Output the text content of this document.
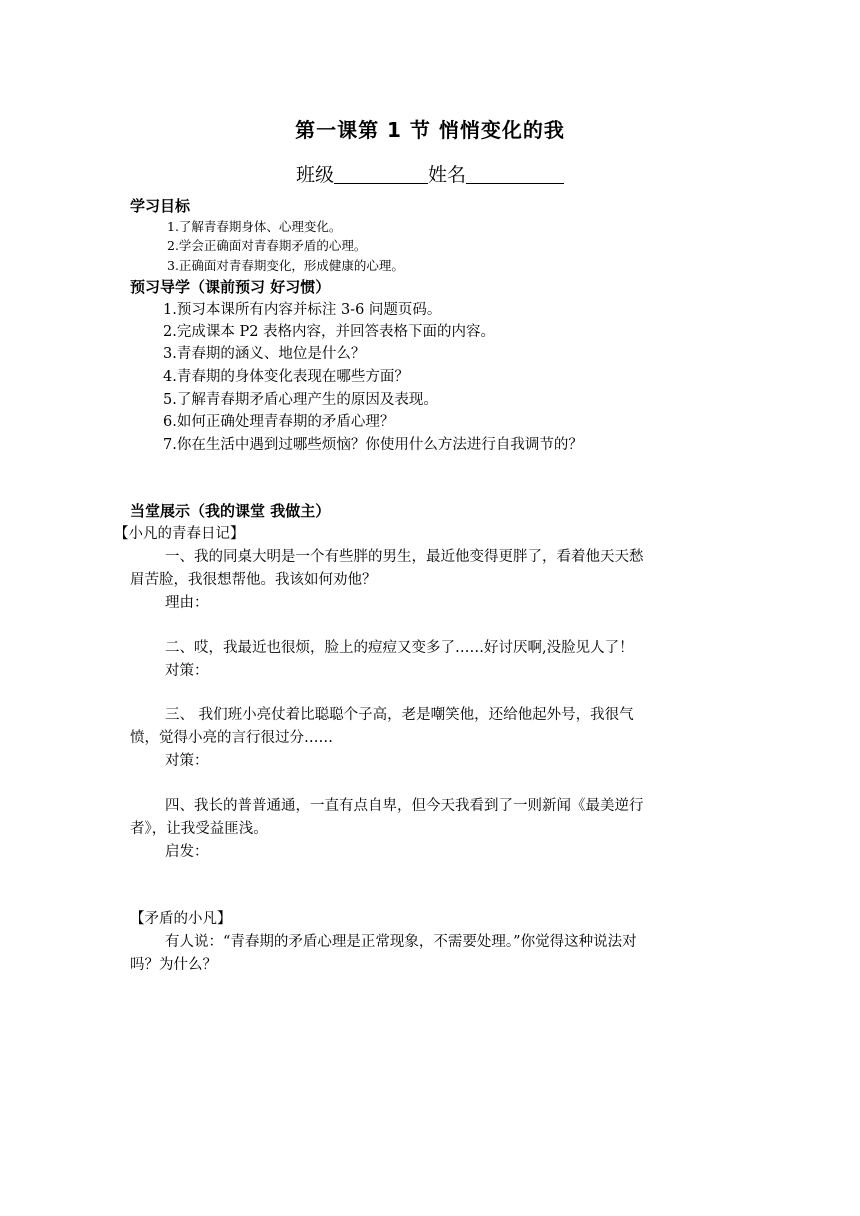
第一课第 1 节 悄悄变化的我
班级	姓名
学习目标
1.了解青春期身体、心理变化。
2.学会正确面对青春期矛盾的心理。
3.正确面对青春期变化，形成健康的心理。
预习导学（课前预习 好习惯）
1.预习本课所有内容并标注 3-6 问题页码。
2.完成课本 P2 表格内容，并回答表格下面的内容。
3.青春期的涵义、地位是什么？
4.青春期的身体变化表现在哪些方面？
5.了解青春期矛盾心理产生的原因及表现。
6.如何正确处理青春期的矛盾心理？
7.你在生活中遇到过哪些烦恼？你使用什么方法进行自我调节的？
当堂展示（我的课堂 我做主）
【小凡的青春日记】
一、我的同桌大明是一个有些胖的男生，最近他变得更胖了，看着他天天愁
眉苦脸，我很想帮他。我该如何劝他？
理由：
二、哎，我最近也很烦，脸上的痘痘又变多了……好讨厌啊,没脸见人了！
对策：
三、 我们班小亮仗着比聪聪个子高，老是嘲笑他，还给他起外号，我很气
愤，觉得小亮的言行很过分……
对策：
四、我长的普普通通，一直有点自卑，但今天我看到了一则新闻《最美逆行
者》，让我受益匪浅。
启发：
【矛盾的小凡】
有人说：“青春期的矛盾心理是正常现象，不需要处理。”你觉得这种说法对
吗？为什么？
